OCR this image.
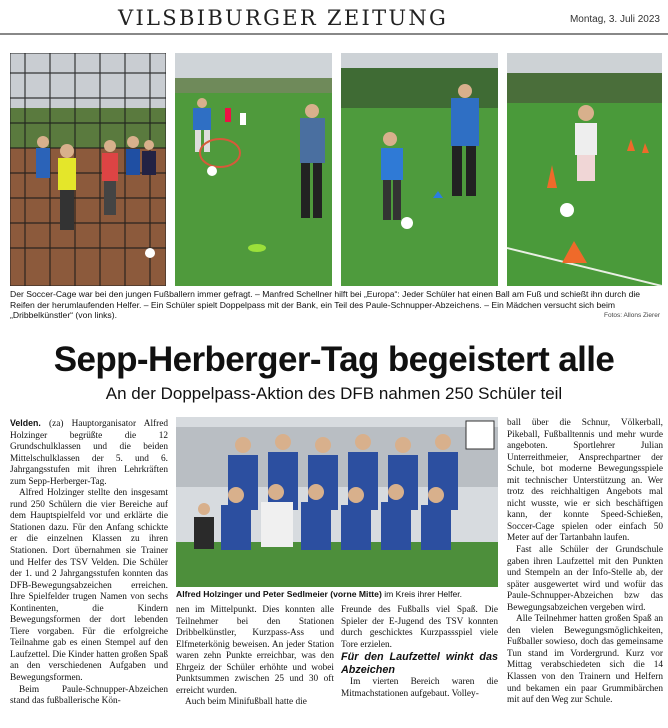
VILSBIBURGER ZEITUNG	Montag, 3. Juli 2023
Der Soccer-Cage war bei den jungen Fußballern immer gefragt. – Manfred Schellner hilft bei „Europa“: Jeder Schüler hat einen Ball am Fuß und schießt ihn durch die Reifen der herumlaufenden Helfer. – Ein Schüler spielt Doppelpass mit der Bank, ein Teil des Paule-Schnupper-Abzeichens. – Ein Mädchen versucht sich beim „Dribbelkünstler“ (von links).	Fotos: Allons Zierer
Sepp-Herberger-Tag begeistert alle
An der Doppelpass-Aktion des DFB nahmen 250 Schüler teil

Velden. (za) Hauptorganisator Alfred Holzinger begrüßte die 12 Grundschulklassen und die beiden Mittelschulklassen der 5. und 6. Jahrgangsstufen mit ihren Lehrkräften zum Sepp-Herberger-Tag.

Alfred Holzinger stellte den insgesamt rund 250 Schülern die vier Bereiche auf dem Hauptspielfeld vor und erklärte die Stationen dazu. Für den Anfang schickte er die einzelnen Klassen zu ihren Stationen. Dort übernahmen sie Trainer und Helfer des TSV Velden. Die Schüler der 1. und 2 Jahrgangsstufen konnten das DFB-Bewegungsabzeichen erreichen. Ihre Spielfelder trugen Namen von sechs Kontinenten, die Kindern Bewegungsformen der dort lebenden Tiere vorgaben. Für die erfolgreiche Teilnahme gab es einen Stempel auf den Laufzettel. Die Kinder hatten großen Spaß an den verschiedenen Aufgaben und Bewegungsformen.

Beim Paule-Schnupper-Abzeichen stand das fußballerische Kön-

Alfred Holzinger und Peter Sedlmeier (vorne Mitte) im Kreis ihrer Helfer.

nen im Mittelpunkt. Dies konnten alle Teilnehmer bei den Stationen Dribbelkünstler, Kurzpass-Ass und Elfmeterkönig beweisen. An jeder Station waren zehn Punkte erreichbar, was den Ehrgeiz der Schüler erhöhte und wobei Punktsummen zwischen 25 und 30 oft erreicht wurden.

Auch beim Minifußball hatte die

Freunde des Fußballs viel Spaß. Die Spieler der E-Jugend des TSV konnten durch geschicktes Kurzpassspiel viele Tore erzielen.

Für den Laufzettel winkt das Abzeichen

Im vierten Bereich waren die Mitmachstationen aufgebaut. Volley-

ball über die Schnur, Völkerball, Pikeball, Fußballtennis und mehr wurde angeboten. Sportlehrer Julian Unterreithmeier, Ansprechpartner der Schule, bot moderne Bewegungsspiele mit technischer Unterstützung an. Wer trotz des reichhaltigen Angebots mal nicht wusste, wie er sich beschäftigen kann, der konnte Speed-Schießen, Soccer-Cage spielen oder einfach 50 Meter auf der Tartanbahn laufen.

Fast alle Schüler der Grundschule gaben ihren Laufzettel mit den Punkten und Stempeln an der Info-Stelle ab, der später ausgewertet wird und wofür das Paule-Schnupper-Abzeichen bzw das Bewegungsabzeichen vergeben wird.

Alle Teilnehmer hatten großen Spaß an den vielen Bewegungsmöglichkeiten, Fußballer sowieso, doch das gemeinsame Tun stand im Vordergrund. Kurz vor Mittag verabschiedeten sich die 14 Klassen von den Trainern und Helfern und bekamen ein paar Grummibärchen mit auf den Weg zur Schule.
